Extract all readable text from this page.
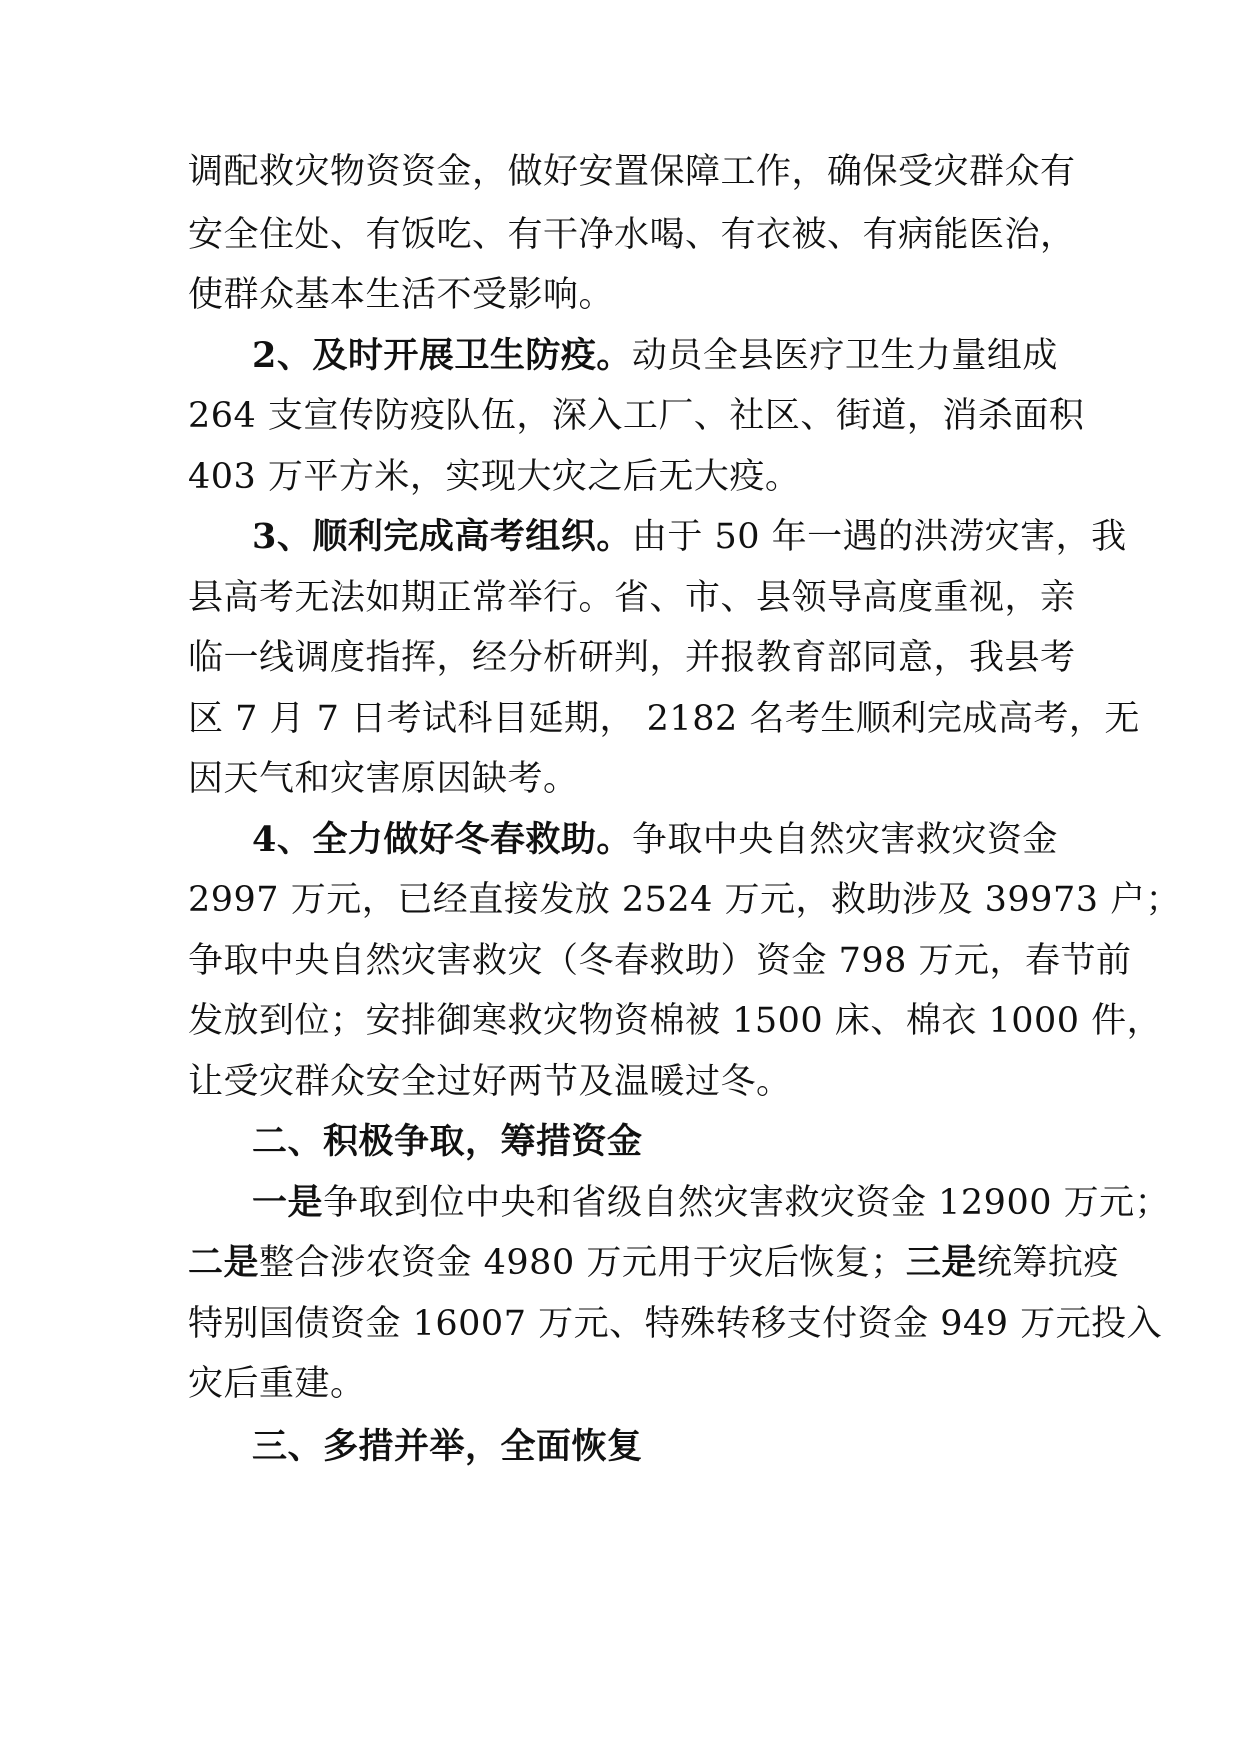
调配救灾物资资金，做好安置保障工作，确保受灾群众有
安全住处、有饭吃、有干净水喝、有衣被、有病能医治，
使群众基本生活不受影响。
2、及时开展卫生防疫。动员全县医疗卫生力量组成
264 支宣传防疫队伍，深入工厂、社区、街道，消杀面积
403 万平方米，实现大灾之后无大疫。
3、顺利完成高考组织。由于 50 年一遇的洪涝灾害，我
县高考无法如期正常举行。省、市、县领导高度重视，亲
临一线调度指挥，经分析研判，并报教育部同意，我县考
区 7 月 7 日考试科目延期， 2182 名考生顺利完成高考，无
因天气和灾害原因缺考。
4、全力做好冬春救助。争取中央自然灾害救灾资金
2997 万元，已经直接发放 2524 万元，救助涉及 39973 户；
争取中央自然灾害救灾（冬春救助）资金 798 万元，春节前
发放到位；安排御寒救灾物资棉被 1500 床、棉衣 1000 件，
让受灾群众安全过好两节及温暖过冬。
二、积极争取，筹措资金
一是争取到位中央和省级自然灾害救灾资金 12900 万元；
二是整合涉农资金 4980 万元用于灾后恢复；三是统筹抗疫
特别国债资金 16007 万元、特殊转移支付资金 949 万元投入
灾后重建。
三、多措并举，全面恢复
